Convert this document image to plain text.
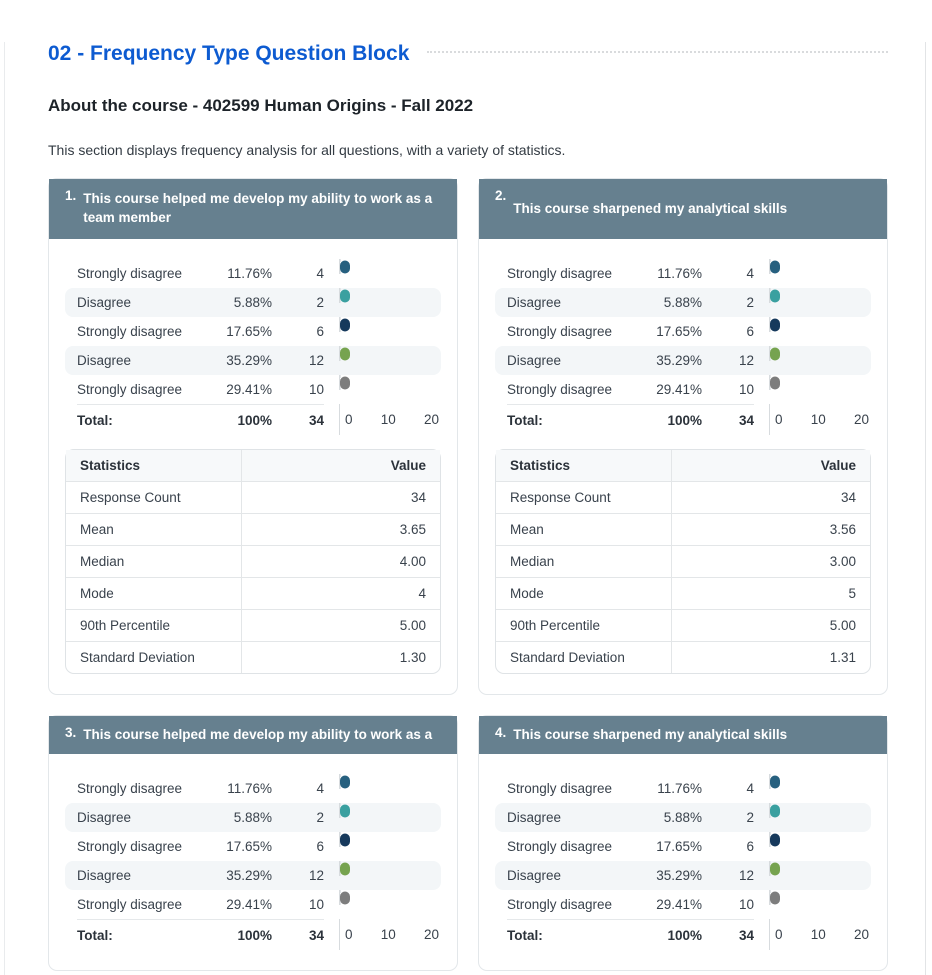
02 - Frequency Type Question Block
About the course - 402599 Human Origins - Fall 2022
This section displays frequency analysis for all questions, with a variety of statistics.
1. This course helped me develop my ability to work as a team member
Strongly disagree	11.76%	4
Disagree	5.88%	2
Strongly disagree	17.65%	6
Disagree	35.29%	12
Strongly disagree	29.41%	10
Total:	100%	34 0 10 20
Statistics	Value
Response Count	34
Mean	3.65
Median	4.00
Mode	4
90th Percentile	5.00
Standard Deviation	1.30
2.
This course sharpened my analytical skills
Strongly disagree	11.76%	4
Disagree	5.88%	2
Strongly disagree	17.65%	6
Disagree	35.29%	12
Strongly disagree	29.41%	10
Total:	100%	34 0 10 20
Statistics	Value
Response Count	34
Mean	3.56
Median	3.00
Mode	5
90th Percentile	5.00
Standard Deviation	1.31
3. This course helped me develop my ability to work as a
Strongly disagree	11.76%	4
Disagree	5.88%	2
Strongly disagree	17.65%	6
Disagree	35.29%	12
Strongly disagree	29.41%	10
Total:	100%	34 0 10 20
4. This course sharpened my analytical skills
Strongly disagree	11.76%	4
Disagree	5.88%	2
Strongly disagree	17.65%	6
Disagree	35.29%	12
Strongly disagree	29.41%	10
Total:	100%	34 0 10 20
